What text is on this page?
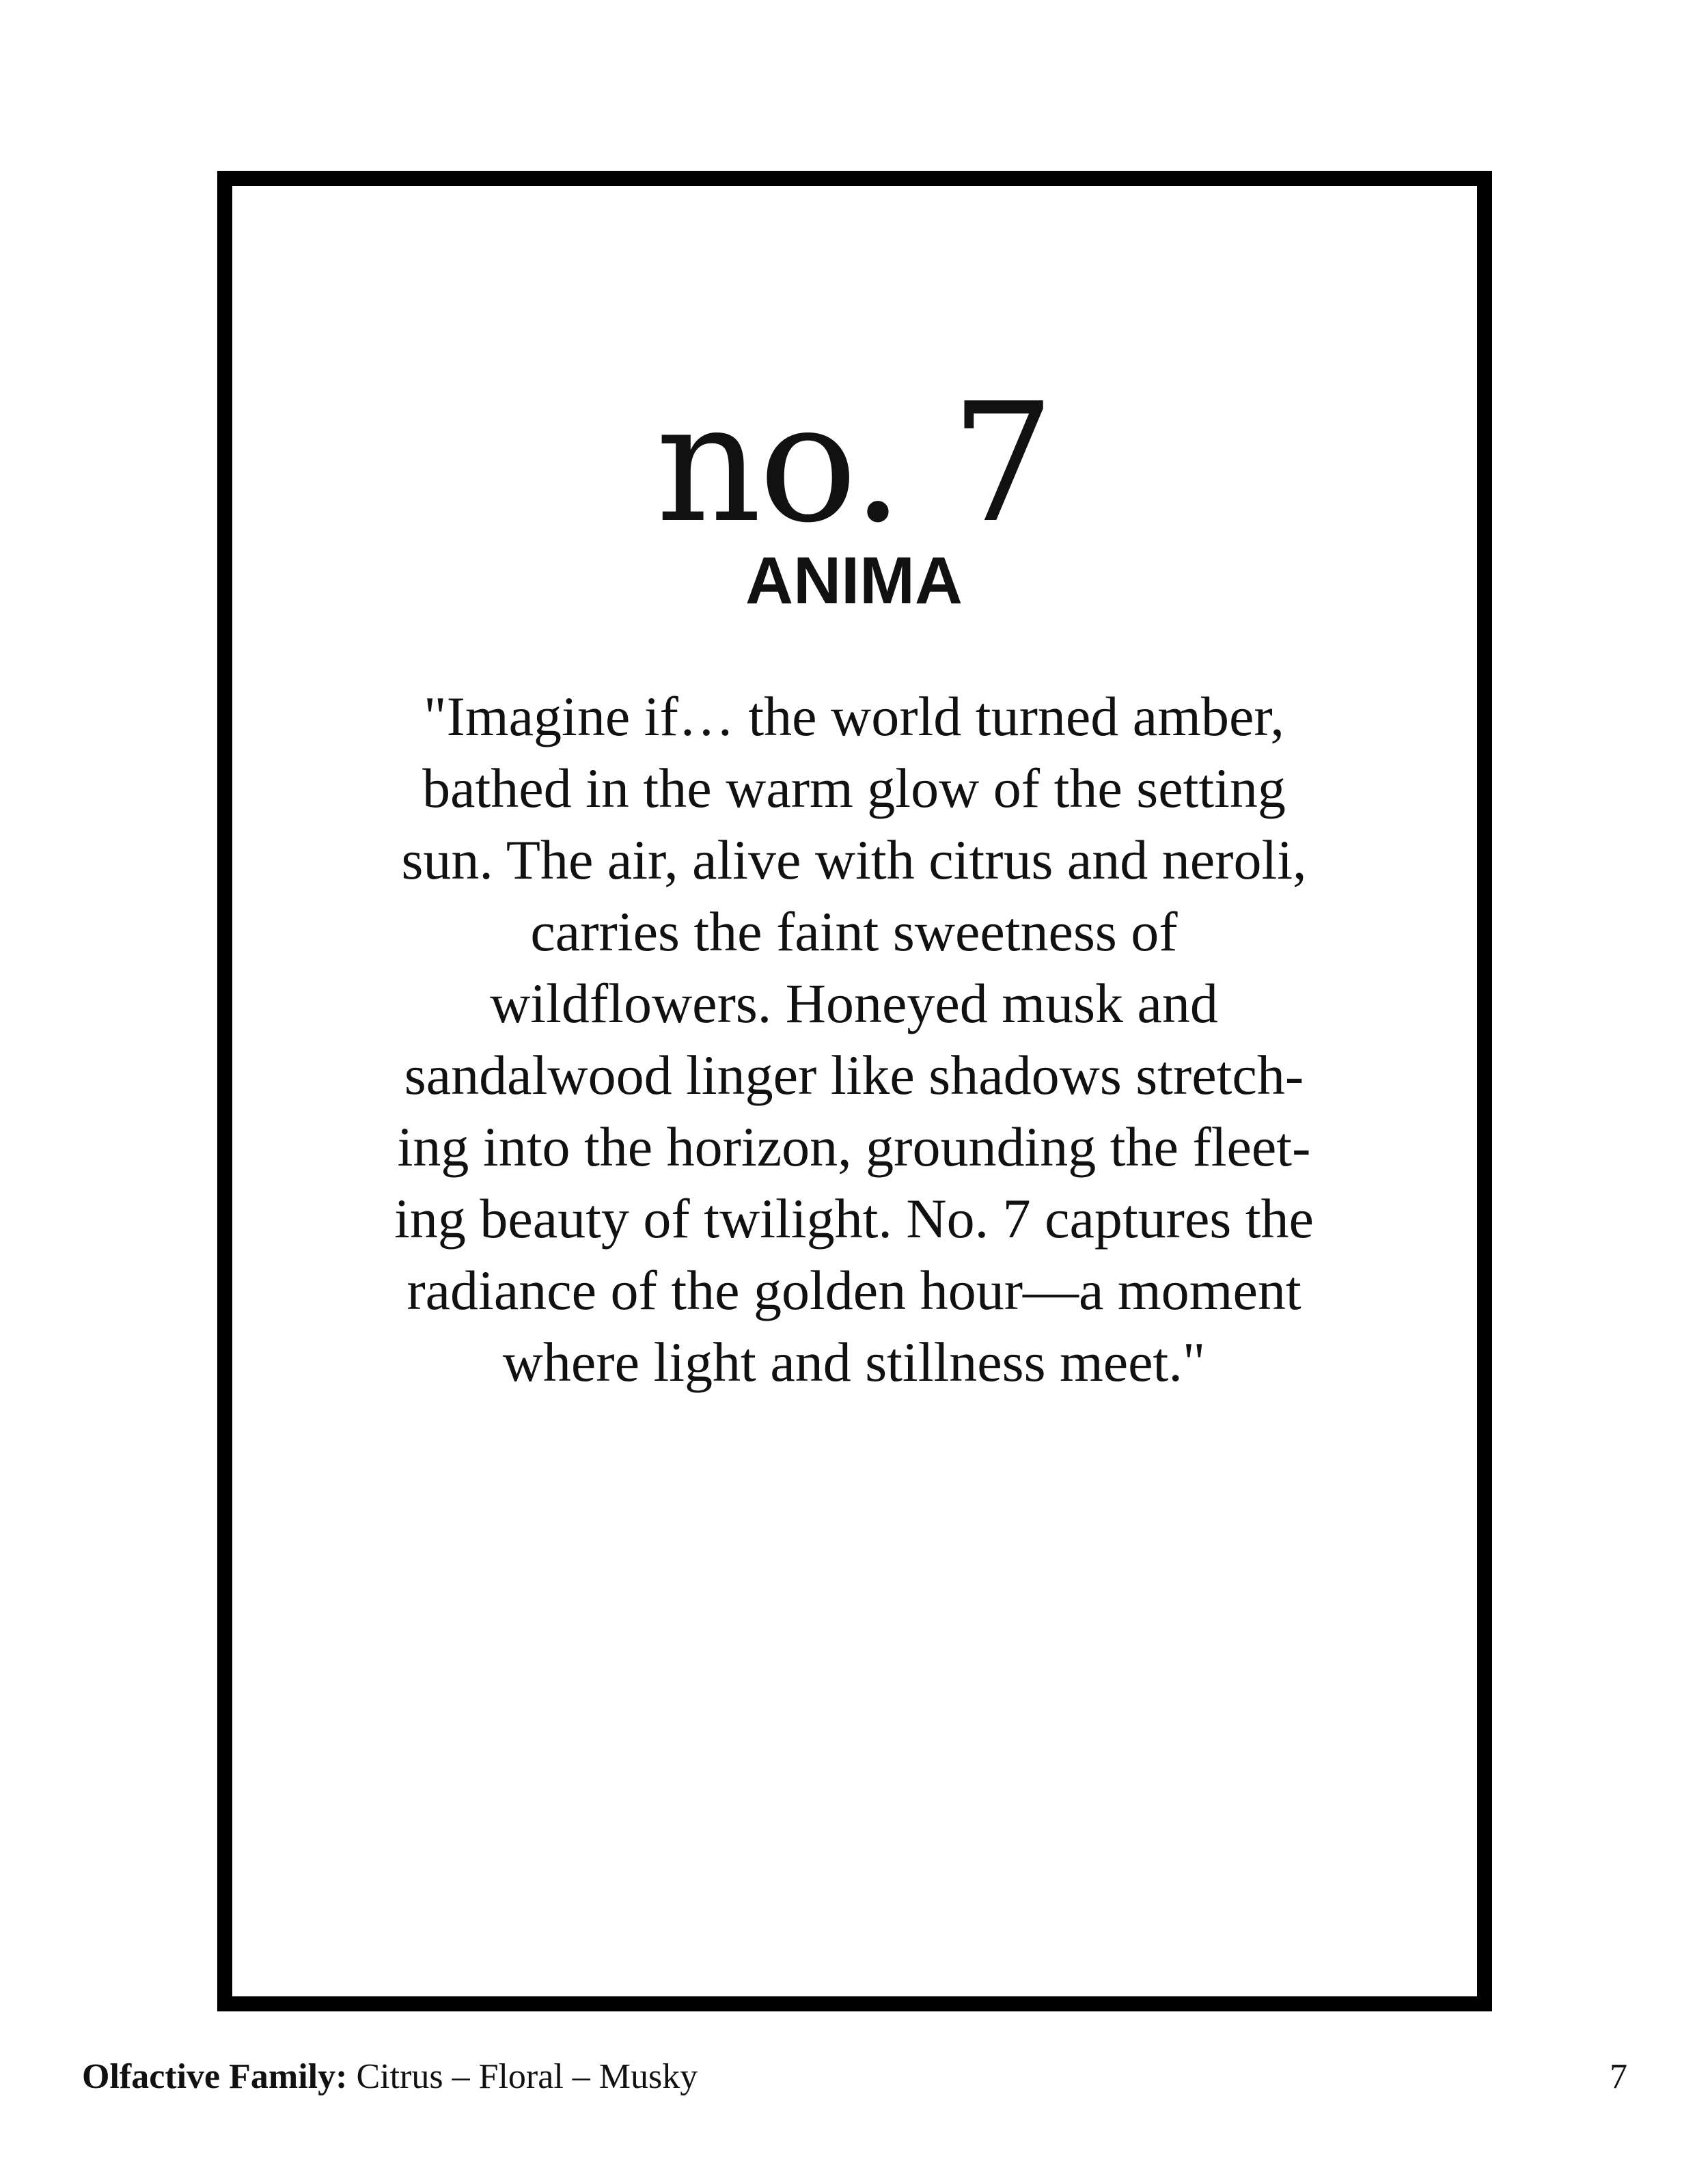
no. 7
ANIMA
"Imagine if… the world turned amber,
bathed in the warm glow of the setting
sun. The air, alive with citrus and neroli,
carries the faint sweetness of
wildflowers. Honeyed musk and
sandalwood linger like shadows stretch-
ing into the horizon, grounding the fleet-
ing beauty of twilight. No. 7 captures the
radiance of the golden hour—a moment
where light and stillness meet."
Olfactive Family: Citrus – Floral – Musky	7
